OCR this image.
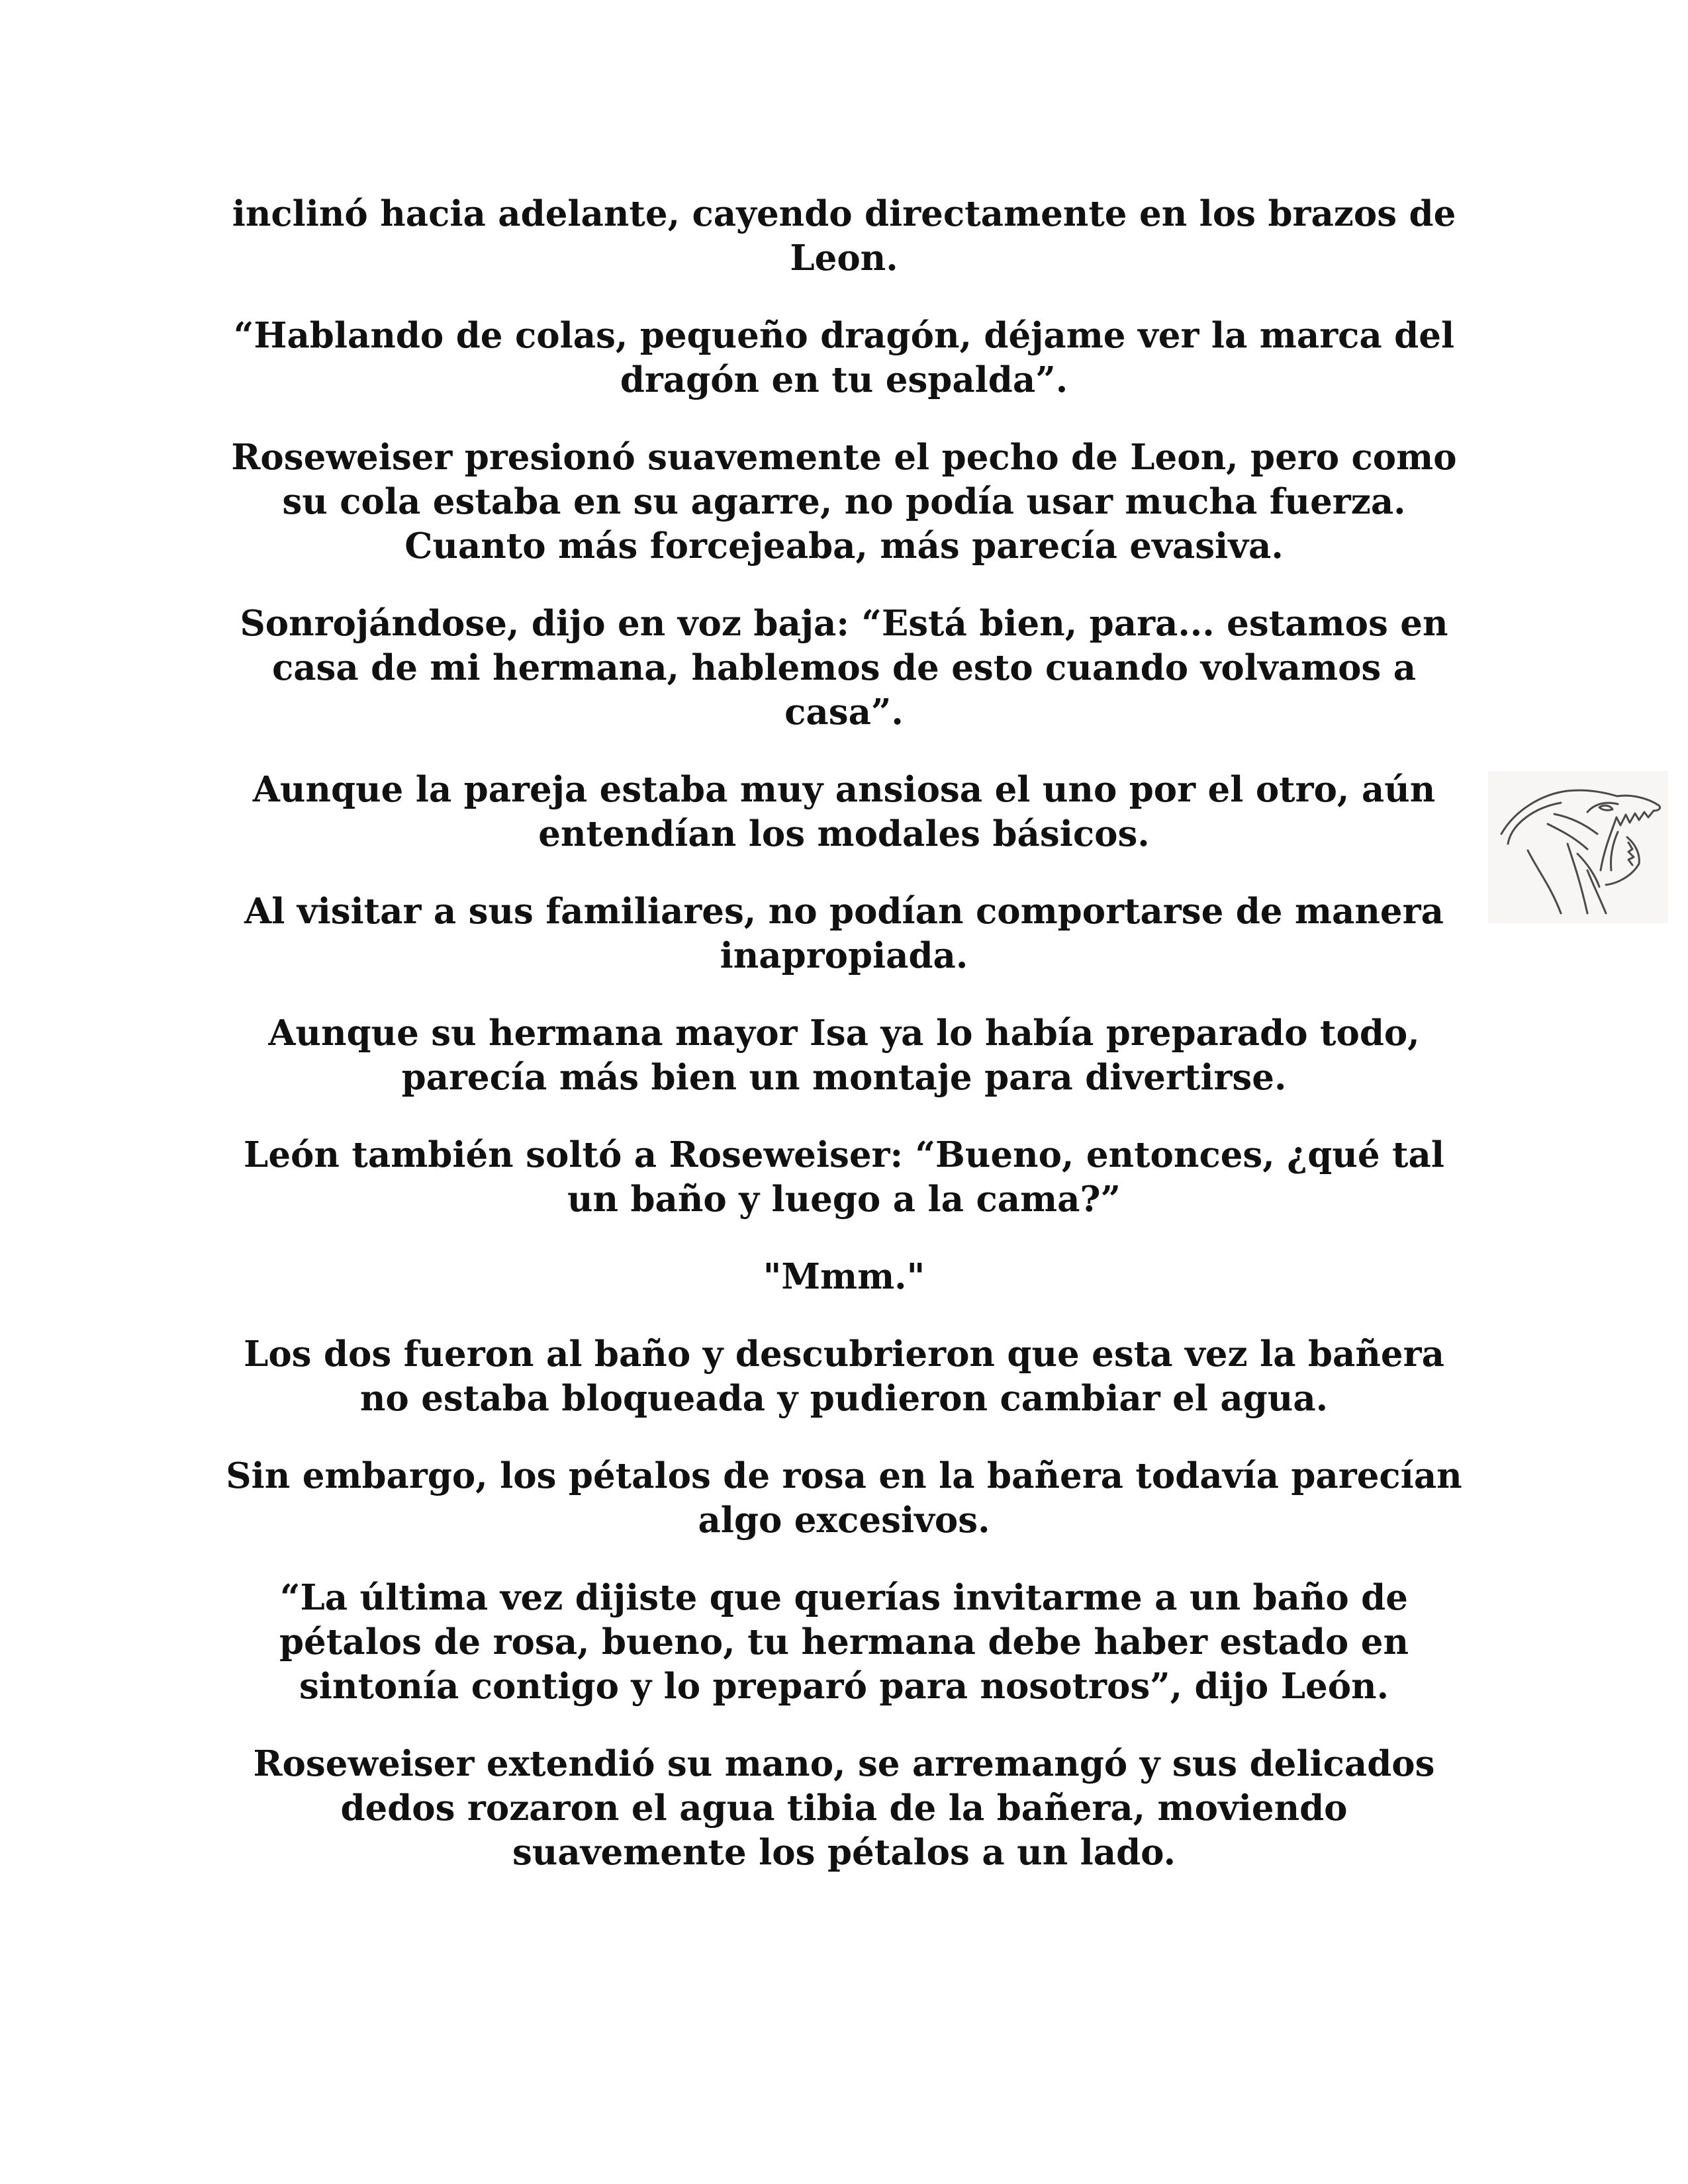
inclinó hacia adelante, cayendo directamente en los brazos de Leon.

“Hablando de colas, pequeño dragón, déjame ver la marca del dragón en tu espalda”.

Roseweiser presionó suavemente el pecho de Leon, pero como su cola estaba en su agarre, no podía usar mucha fuerza. Cuanto más forcejeaba, más parecía evasiva.

Sonrojándose, dijo en voz baja: “Está bien, para... estamos en casa de mi hermana, hablemos de esto cuando volvamos a casa”.

Aunque la pareja estaba muy ansiosa el uno por el otro, aún entendían los modales básicos.

Al visitar a sus familiares, no podían comportarse de manera inapropiada.

Aunque su hermana mayor Isa ya lo había preparado todo, parecía más bien un montaje para divertirse.

León también soltó a Roseweiser: “Bueno, entonces, ¿qué tal un baño y luego a la cama?”

"Mmm."

Los dos fueron al baño y descubrieron que esta vez la bañera no estaba bloqueada y pudieron cambiar el agua.

Sin embargo, los pétalos de rosa en la bañera todavía parecían algo excesivos.

“La última vez dijiste que querías invitarme a un baño de pétalos de rosa, bueno, tu hermana debe haber estado en sintonía contigo y lo preparó para nosotros”, dijo León.

Roseweiser extendió su mano, se arremangó y sus delicados dedos rozaron el agua tibia de la bañera, moviendo suavemente los pétalos a un lado.
